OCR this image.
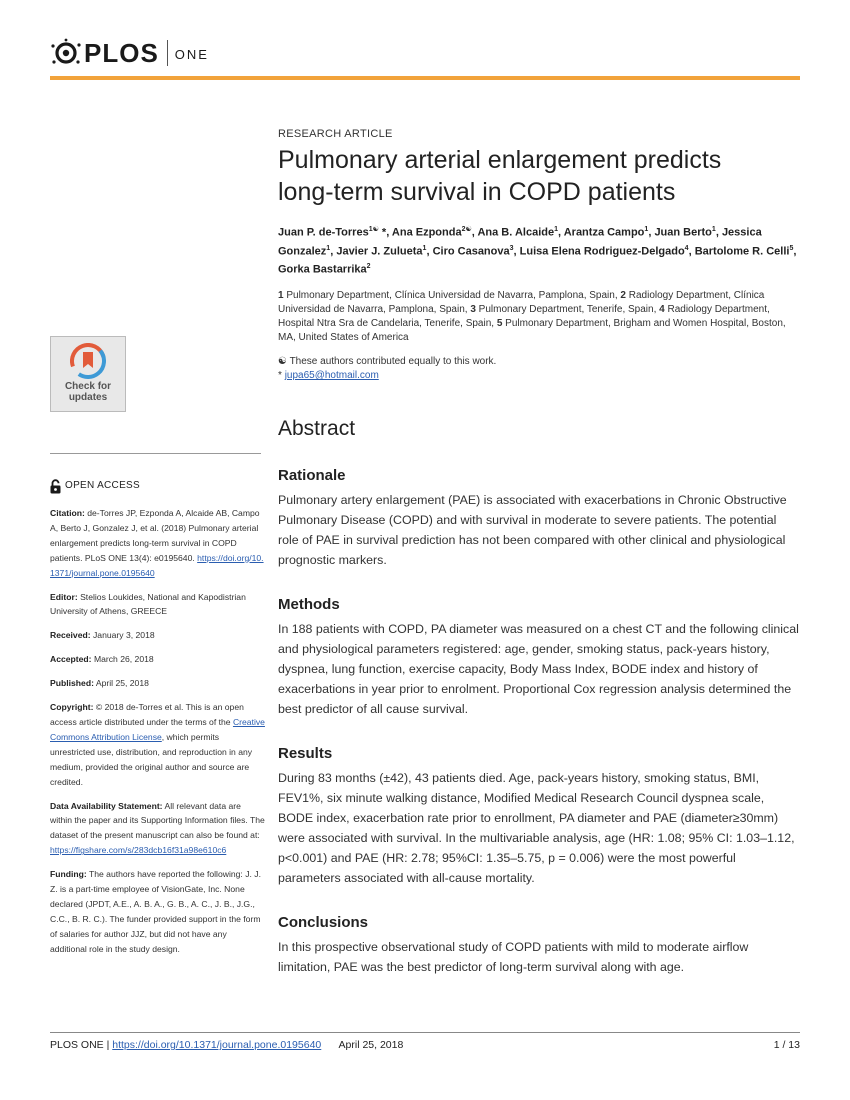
PLOS ONE
Check for
updates
OPEN ACCESS
Citation: de-Torres JP, Ezponda A, Alcaide AB, Campo A, Berto J, Gonzalez J, et al. (2018) Pulmonary arterial enlargement predicts long-term survival in COPD patients. PLoS ONE 13(4): e0195640. https://doi.org/10.1371/journal.pone.0195640
Editor: Stelios Loukides, National and Kapodistrian University of Athens, GREECE
Received: January 3, 2018
Accepted: March 26, 2018
Published: April 25, 2018
Copyright: © 2018 de-Torres et al. This is an open access article distributed under the terms of the Creative Commons Attribution License, which permits unrestricted use, distribution, and reproduction in any medium, provided the original author and source are credited.
Data Availability Statement: All relevant data are within the paper and its Supporting Information files. The dataset of the present manuscript can also be found at: https://figshare.com/s/283dcb16f31a98e610c6
Funding: The authors have reported the following: J. J. Z. is a part-time employee of VisionGate, Inc. None declared (JPDT, A.E., A. B. A., G. B., A. C., J. B., J.G., C.C., B. R. C.). The funder provided support in the form of salaries for author JJZ, but did not have any additional role in the study design.
RESEARCH ARTICLE
Pulmonary arterial enlargement predicts
long-term survival in COPD patients
Juan P. de-Torres$^{1☯}$ *, Ana Ezponda$^{2☯}$, Ana B. Alcaide$^1$, Arantza Campo$^1$, Juan Berto$^1$, Jessica Gonzalez$^1$, Javier J. Zulueta$^1$, Ciro Casanova$^3$, Luisa Elena Rodriguez-Delgado$^4$, Bartolome R. Celli$^5$, Gorka Bastarrika$^2$
1 Pulmonary Department, Clínica Universidad de Navarra, Pamplona, Spain, 2 Radiology Department, Clínica Universidad de Navarra, Pamplona, Spain, 3 Pulmonary Department, Tenerife, Spain, 4 Radiology Department, Hospital Ntra Sra de Candelaria, Tenerife, Spain, 5 Pulmonary Department, Brigham and Women Hospital, Boston, MA, United States of America
☯ These authors contributed equally to this work.
* jupa65@hotmail.com
Abstract
Rationale

Pulmonary artery enlargement (PAE) is associated with exacerbations in Chronic Obstructive Pulmonary Disease (COPD) and with survival in moderate to severe patients. The potential role of PAE in survival prediction has not been compared with other clinical and physiological prognostic markers.

Methods

In 188 patients with COPD, PA diameter was measured on a chest CT and the following clinical and physiological parameters registered: age, gender, smoking status, pack-years history, dyspnea, lung function, exercise capacity, Body Mass Index, BODE index and history of exacerbations in year prior to enrolment. Proportional Cox regression analysis determined the best predictor of all cause survival.

Results

During 83 months (±42), 43 patients died. Age, pack-years history, smoking status, BMI, FEV1%, six minute walking distance, Modified Medical Research Council dyspnea scale, BODE index, exacerbation rate prior to enrollment, PA diameter and PAE (diameter≥30mm) were associated with survival. In the multivariable analysis, age (HR: 1.08; 95% CI: 1.03–1.12, p<0.001) and PAE (HR: 2.78; 95%CI: 1.35–5.75, p = 0.006) were the most powerful parameters associated with all-cause mortality.

Conclusions

In this prospective observational study of COPD patients with mild to moderate airflow limitation, PAE was the best predictor of long-term survival along with age.

PLOS ONE | https://doi.org/10.1371/journal.pone.0195640 April 25, 2018	1 / 13
